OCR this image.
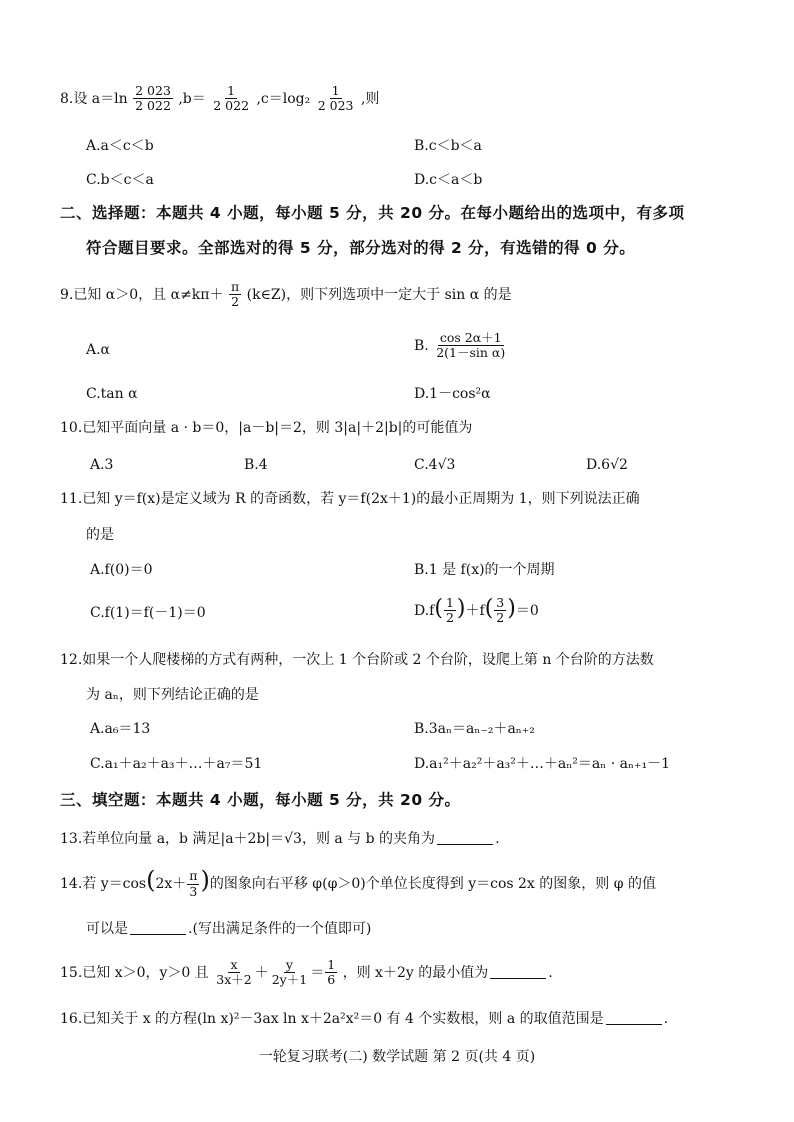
8.设 $a=\ln \frac{2 023}{2 022} ,b= \frac{1}{2 022} ,c=\log_2 \frac{1}{2 023}$ ,则
A.a＜c＜b	B.c＜b＜a
C.b＜c＜a	D.c＜a＜b
二、选择题：本题共 4 小题，每小题 5 分，共 20 分。在每小题给出的选项中，有多项
符合题目要求。全部选对的得 5 分，部分选对的得 2 分，有选错的得 0 分。
9.已知 α＞0，且 $\alpha\ne k\pi+ \frac{\pi}{2}$ (k∈Z)，则下列选项中一定大于 sin α 的是
A.α	B. $\frac{\cos 2\alpha+1}{\text{2(1－sin α)}}$
C.tan α	D.1－cos²α
10.已知平面向量 a · b＝0，|a－b|＝2，则 3|a|＋2|b|的可能值为
A.3	B.4	C.4√3	D.6√2
11.已知 y＝f(x)是定义域为 R 的奇函数，若 y＝f(2x＋1)的最小正周期为 1，则下列说法正确
的是
A.f(0)＝0	B.1 是 f(x)的一个周期
C.f(1)＝f(－1)＝0	$D.f( \frac{1}{2} )+f( \frac{3}{2} )=0$
12.如果一个人爬楼梯的方式有两种，一次上 1 个台阶或 2 个台阶，设爬上第 n 个台阶的方法数
为 aₙ，则下列结论正确的是
A.a₆＝13	B.3aₙ＝aₙ₋₂＋aₙ₊₂
C.a₁＋a₂＋a₃＋…＋a₇＝51	D.a₁²＋a₂²＋a₃²＋…＋aₙ²＝aₙ · aₙ₊₁－1
三、填空题：本题共 4 小题，每小题 5 分，共 20 分。
13.若单位向量 a，b 满足|a＋2b|＝√3，则 a 与 b 的夹角为	.
14.若 $y=\cos(2x+ \frac{\pi}{3}$ )的图象向右平移 φ(φ＞0)个单位长度得到 y＝cos 2x 的图象，则 φ 的值
可以是	.(写出满足条件的一个值即可)
15.已知 x＞0，y＞0 且 $\frac{x}{3x+2} + \frac{y}{2y+1} = \frac{1}{6}$ ，则 x＋2y 的最小值为	.
16.已知关于 x 的方程(ln x)²－3ax ln x＋2a²x²＝0 有 4 个实数根，则 a 的取值范围是	.
一轮复习联考(二) 数学试题 第 2 页(共 4 页)
